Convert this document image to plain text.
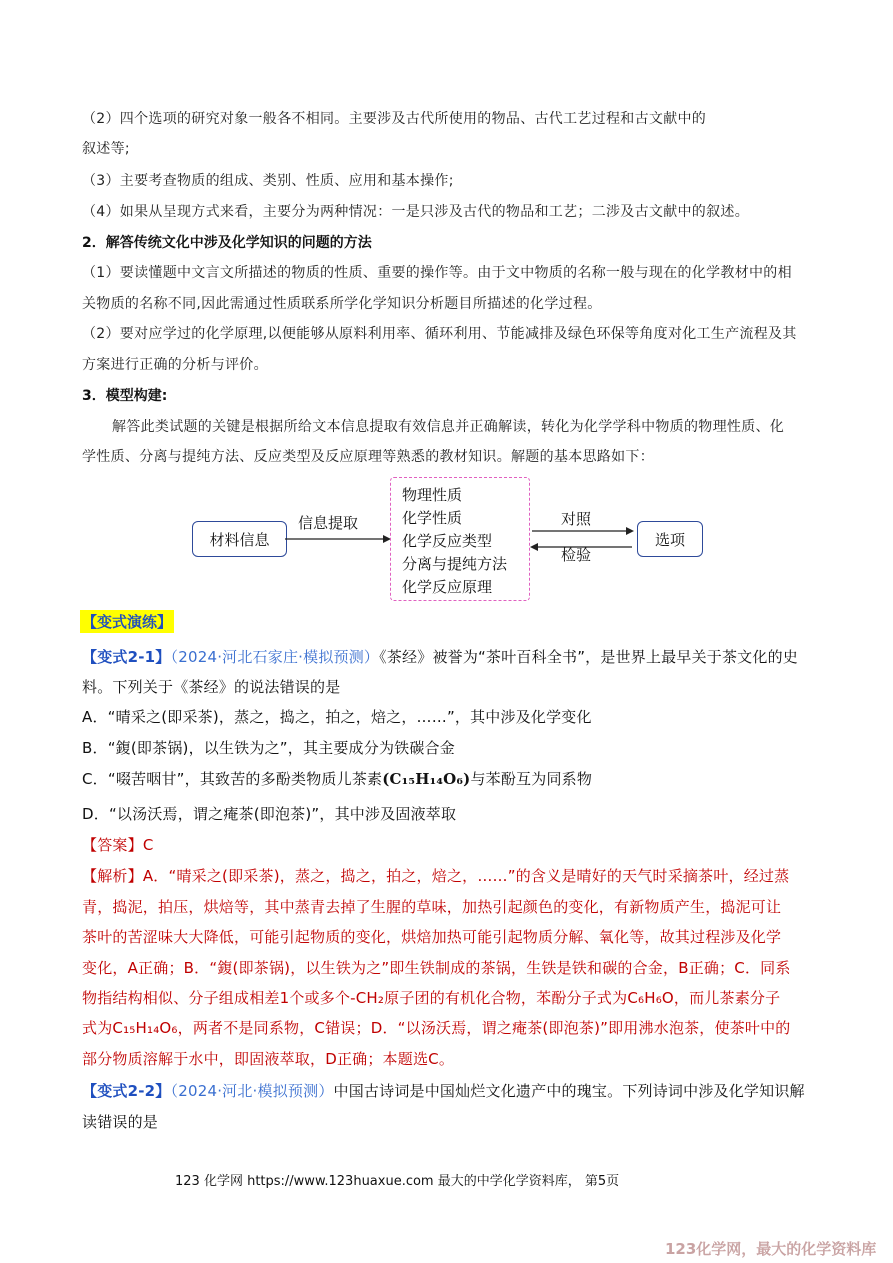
（2）四个选项的研究对象一般各不相同。主要涉及古代所使用的物品、古代工艺过程和古文献中的
叙述等;
（3）主要考查物质的组成、类别、性质、应用和基本操作;
（4）如果从呈现方式来看，主要分为两种情况：一是只涉及古代的物品和工艺；二涉及古文献中的叙述。
2．解答传统文化中涉及化学知识的问题的方法
（1）要读懂题中文言文所描述的物质的性质、重要的操作等。由于文中物质的名称一般与现在的化学教材中的相
关物质的名称不同,因此需通过性质联系所学化学知识分析题目所描述的化学过程。
（2）要对应学过的化学原理,以便能够从原料利用率、循环利用、节能减排及绿色环保等角度对化工生产流程及其
方案进行正确的分析与评价。
3．模型构建:
解答此类试题的关键是根据所给文本信息提取有效信息并正确解读，转化为化学学科中物质的物理性质、化
学性质、分离与提纯方法、反应类型及反应原理等熟悉的教材知识。解题的基本思路如下：
材料信息
信息提取
物理性质
化学性质
化学反应类型
分离与提纯方法
化学反应原理
对照
检验
选项
【变式演练】
【变式2-1】（2024·河北石家庄·模拟预测）《茶经》被誉为“茶叶百科全书”，是世界上最早关于茶文化的史
料。下列关于《茶经》的说法错误的是
A．“晴采之(即采茶)，蒸之，捣之，拍之，焙之，……”，其中涉及化学变化
B．“鍑(即茶锅)，以生铁为之”，其主要成分为铁碳合金
C．“啜苦咽甘”，其致苦的多酚类物质儿茶素(C₁₅H₁₄O₆)与苯酚互为同系物
D．“以汤沃焉，谓之痷茶(即泡茶)”，其中涉及固液萃取
【答案】C
【解析】A．“晴采之(即采茶)，蒸之，捣之，拍之，焙之，……”的含义是晴好的天气时采摘茶叶，经过蒸
青，捣泥，拍压，烘焙等，其中蒸青去掉了生腥的草味，加热引起颜色的变化，有新物质产生，捣泥可让
茶叶的苦涩味大大降低，可能引起物质的变化，烘焙加热可能引起物质分解、氧化等，故其过程涉及化学
变化，A正确；B．“鍑(即茶锅)，以生铁为之”即生铁制成的茶锅，生铁是铁和碳的合金，B正确；C．同系
物指结构相似、分子组成相差1个或多个-CH₂原子团的有机化合物，苯酚分子式为C₆H₆O，而儿茶素分子
式为C₁₅H₁₄O₆，两者不是同系物，C错误；D．“以汤沃焉，谓之痷茶(即泡茶)”即用沸水泡茶，使茶叶中的
部分物质溶解于水中，即固液萃取，D正确；本题选C。
【变式2-2】（2024·河北·模拟预测）中国古诗词是中国灿烂文化遗产中的瑰宝。下列诗词中涉及化学知识解
读错误的是
123 化学网 https://www.123huaxue.com 最大的中学化学资料库， 第5页
123化学网，最大的化学资料库
